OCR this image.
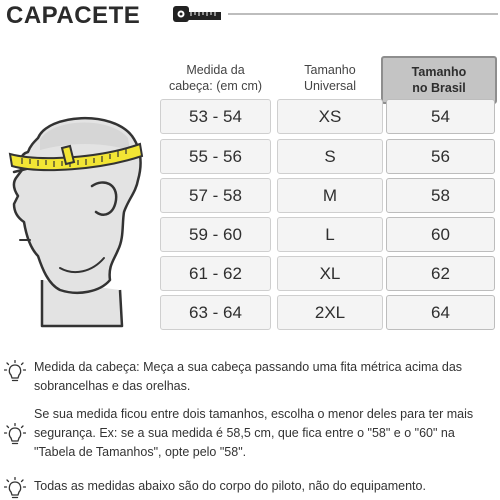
CAPACETE
Medida da
cabeça: (em cm)
Tamanho
Universal
Tamanho
no Brasil
53 - 54	XS	54
55 - 56	S	56
57 - 58	M	58
59 - 60	L	60
61 - 62	XL	62
63 - 64	2XL	64
Medida da cabeça: Meça a sua cabeça passando uma fita métrica acima das sobrancelhas e das orelhas.
Se sua medida ficou entre dois tamanhos, escolha o menor deles para ter mais segurança. Ex: se a sua medida é 58,5 cm, que fica entre o "58" e o "60" na "Tabela de Tamanhos", opte pelo "58".
Todas as medidas abaixo são do corpo do piloto, não do equipamento.
